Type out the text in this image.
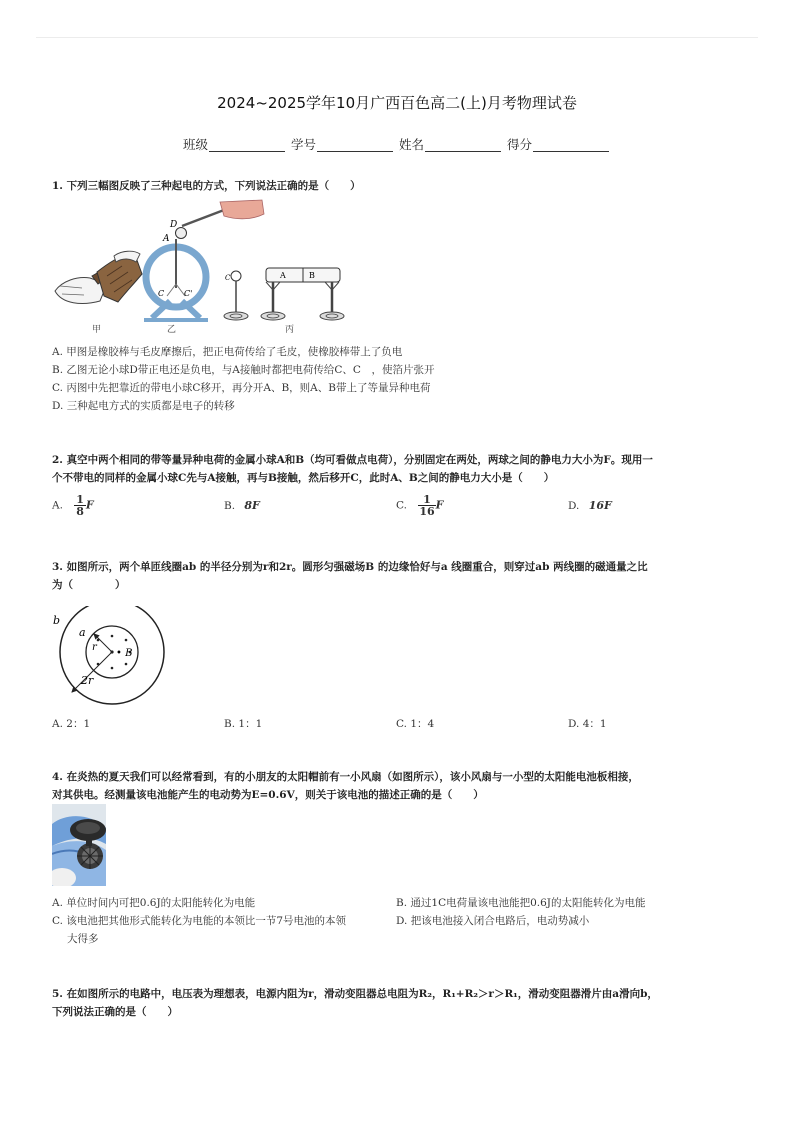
2024~2025学年10月广西百色高二(上)月考物理试卷
班级	学号	姓名	得分
1. 下列三幅图反映了三种起电的方式，下列说法正确的是（　　）
甲
D
A
C C'
乙
C	A	B
丙
A. 甲图是橡胶棒与毛皮摩擦后，把正电荷传给了毛皮，使橡胶棒带上了负电
B. 乙图无论小球D带正电还是负电，与A接触时都把电荷传给C、C　，使箔片张开
C. 丙图中先把靠近的带电小球C移开，再分开A、B，则A、B带上了等量异种电荷
D. 三种起电方式的实质都是电子的转移
2. 真空中两个相同的带等量异种电荷的金属小球A和B（均可看做点电荷），分别固定在两处，两球之间的静电力大小为F。现用一
个不带电的同样的金属小球C先与A接触，再与B接触，然后移开C，此时A、B之间的静电力大小是（　　）
A. $\frac{1}{8}$ F	B. 8F	C. $\frac{1}{16}$ F	D. 16F
3. 如图所示，两个单匝线圈ab 的半径分别为r和2r。圆形匀强磁场B 的边缘恰好与a 线圈重合，则穿过ab 两线圈的磁通量之比
为（　　　　）
b
a
r
• B
2r
A. 2：1	B. 1：1	C. 1：4	D. 4：1
4. 在炎热的夏天我们可以经常看到，有的小朋友的太阳帽前有一小风扇（如图所示），该小风扇与一小型的太阳能电池板相接，
对其供电。经测量该电池能产生的电动势为E=0.6V，则关于该电池的描述正确的是（　　）
A. 单位时间内可把0.6J的太阳能转化为电能	B. 通过1C电荷量该电池能把0.6J的太阳能转化为电能
C. 该电池把其他形式能转化为电能的本领比一节7号电池的本领
大得多
D. 把该电池接入闭合电路后，电动势减小
5. 在如图所示的电路中，电压表为理想表，电源内阻为r，滑动变阻器总电阻为R₂，R₁+R₂＞r＞R₁，滑动变阻器滑片由a滑向b，
下列说法正确的是（　　）
